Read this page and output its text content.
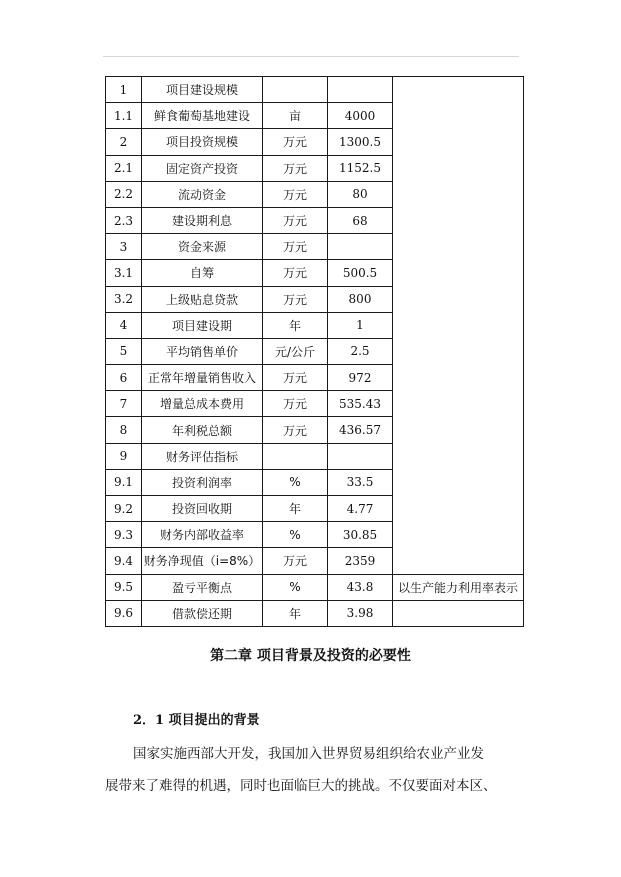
1	项目建设规模			
1.1	鲜食葡萄基地建设	亩	4000	
2	项目投资规模	万元	1300.5	
2.1	固定资产投资	万元	1152.5	
2.2	流动资金	万元	80	
2.3	建设期利息	万元	68	
3	资金来源	万元		
3.1	自筹	万元	500.5	
3.2	上级贴息贷款	万元	800	
4	项目建设期	年	1	
5	平均销售单价	元/公斤	2.5	
6	正常年增量销售收入	万元	972	
7	增量总成本费用	万元	535.43	
8	年利税总额	万元	436.57	
9	财务评估指标			
9.1	投资利润率	%	33.5	
9.2	投资回收期	年	4.77	
9.3	财务内部收益率	%	30.85	
9.4	财务净现值（i=8%）	万元	2359	
9.5	盈亏平衡点	%	43.8	以生产能力利用率表示
9.6	借款偿还期	年	3.98	
第二章 项目背景及投资的必要性
2．1 项目提出的背景
国家实施西部大开发，我国加入世界贸易组织给农业产业发
展带来了难得的机遇，同时也面临巨大的挑战。不仅要面对本区、
